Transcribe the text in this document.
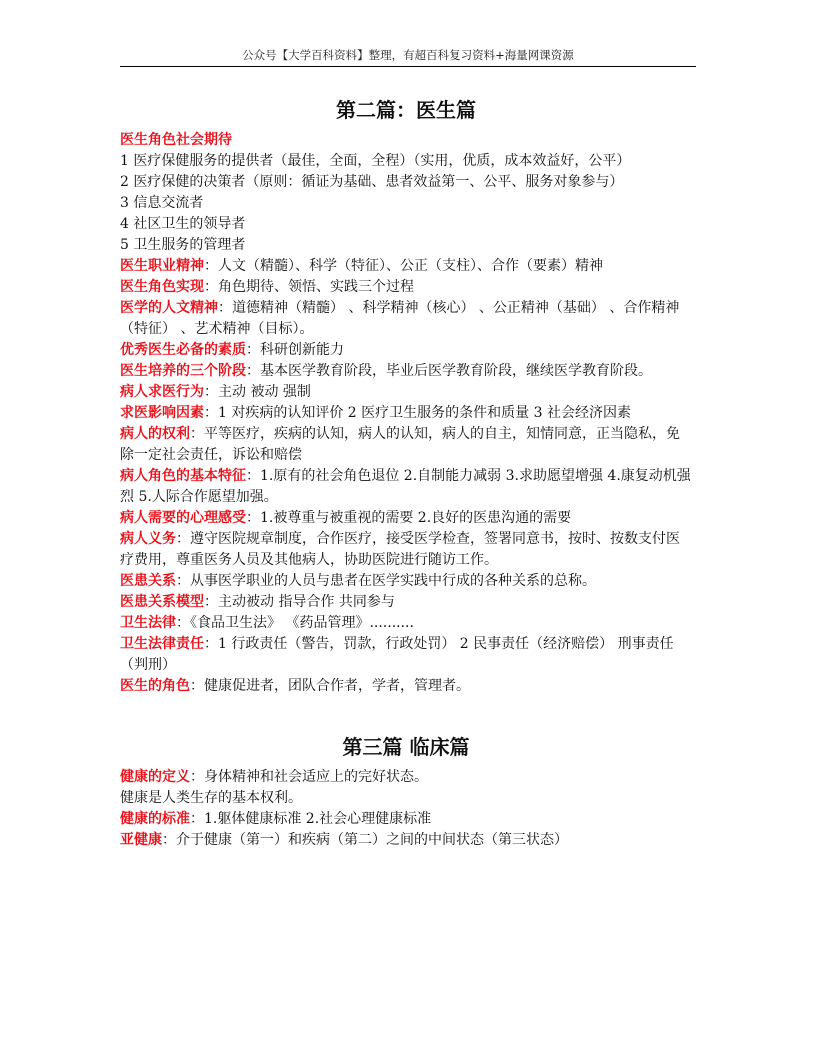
公众号【大学百科资料】整理，有超百科复习资料+海量网课资源
第二篇：医生篇

医生角色社会期待

1 医疗保健服务的提供者（最佳，全面，全程）（实用，优质，成本效益好，公平）

2 医疗保健的决策者（原则：循证为基础、患者效益第一、公平、服务对象参与）

3 信息交流者

4 社区卫生的领导者

5 卫生服务的管理者

医生职业精神：人文（精髓）、科学（特征）、公正（支柱）、合作（要素）精神

医生角色实现：角色期待、领悟、实践三个过程

医学的人文精神：道德精神（精髓） 、科学精神（核心） 、公正精神（基础） 、合作精神（特征） 、艺术精神（目标）。

优秀医生必备的素质：科研创新能力

医生培养的三个阶段：基本医学教育阶段，毕业后医学教育阶段，继续医学教育阶段。

病人求医行为：主动 被动 强制

求医影响因素：1 对疾病的认知评价 2 医疗卫生服务的条件和质量 3 社会经济因素

病人的权利：平等医疗，疾病的认知，病人的认知，病人的自主，知情同意，正当隐私，免除一定社会责任，诉讼和赔偿

病人角色的基本特征：1.原有的社会角色退位 2.自制能力减弱 3.求助愿望增强 4.康复动机强烈 5.人际合作愿望加强。

病人需要的心理感受：1.被尊重与被重视的需要 2.良好的医患沟通的需要

病人义务：遵守医院规章制度，合作医疗，接受医学检查，签署同意书，按时、按数支付医疗费用，尊重医务人员及其他病人，协助医院进行随访工作。

医患关系：从事医学职业的人员与患者在医学实践中行成的各种关系的总称。

医患关系模型：主动被动 指导合作 共同参与

卫生法律：《食品卫生法》 《药品管理》..........

卫生法律责任：1 行政责任（警告，罚款，行政处罚） 2 民事责任（经济赔偿） 刑事责任（判刑）

医生的角色：健康促进者，团队合作者，学者，管理者。

第三篇 临床篇

健康的定义：身体精神和社会适应上的完好状态。

健康是人类生存的基本权利。

健康的标准：1.躯体健康标准 2.社会心理健康标准

亚健康：介于健康（第一）和疾病（第二）之间的中间状态（第三状态）
